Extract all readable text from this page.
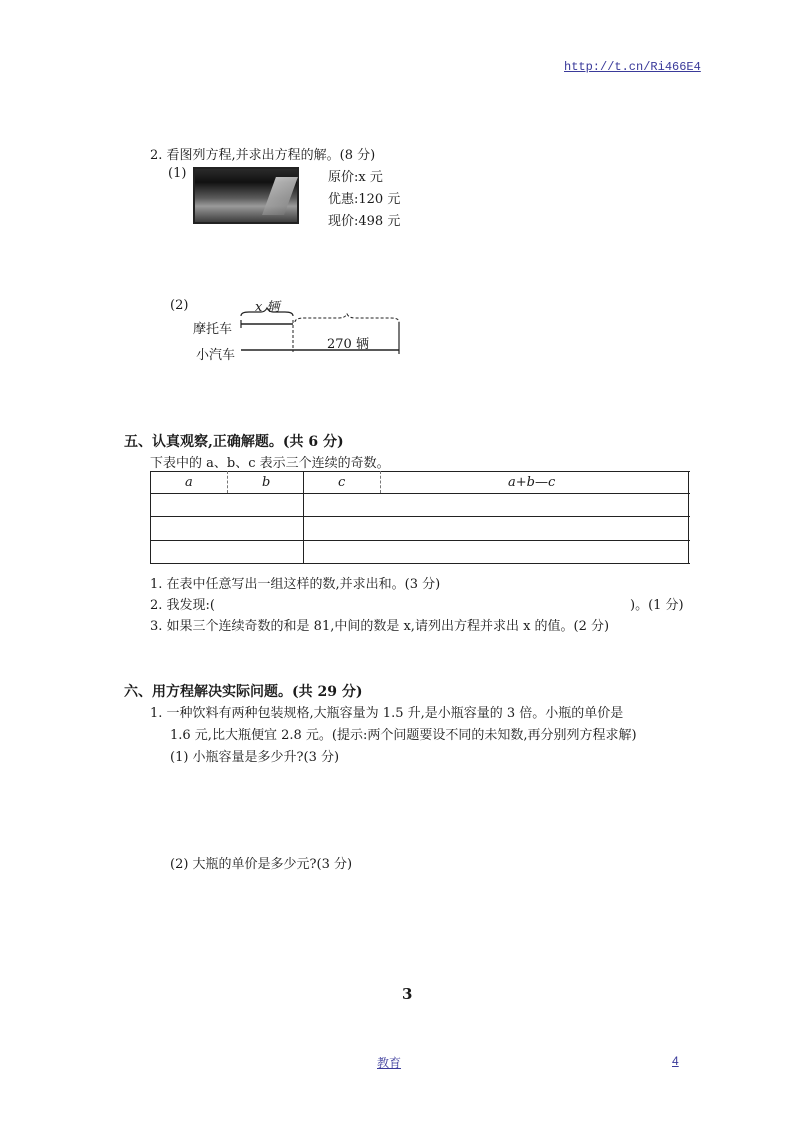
http://t.cn/Ri466E4
2. 看图列方程,并求出方程的解。(8 分)
(1)	原价:x 元
优惠:120 元
现价:498 元
(2)	x 辆
摩托车
小汽车
270 辆
五、认真观察,正确解题。(共 6 分)
下表中的 a、b、c 表示三个连续的奇数。
a	b	c	a+b—c
1. 在表中任意写出一组这样的数,并求出和。(3 分)
2. 我发现:(	)。(1 分)
3. 如果三个连续奇数的和是 81,中间的数是 x,请列出方程并求出 x 的值。(2 分)
六、用方程解决实际问题。(共 29 分)
1. 一种饮料有两种包装规格,大瓶容量为 1.5 升,是小瓶容量的 3 倍。小瓶的单价是
1.6 元,比大瓶便宜 2.8 元。(提示:两个问题要设不同的未知数,再分别列方程求解)
(1) 小瓶容量是多少升?(3 分)
(2) 大瓶的单价是多少元?(3 分)
3
教育	4
